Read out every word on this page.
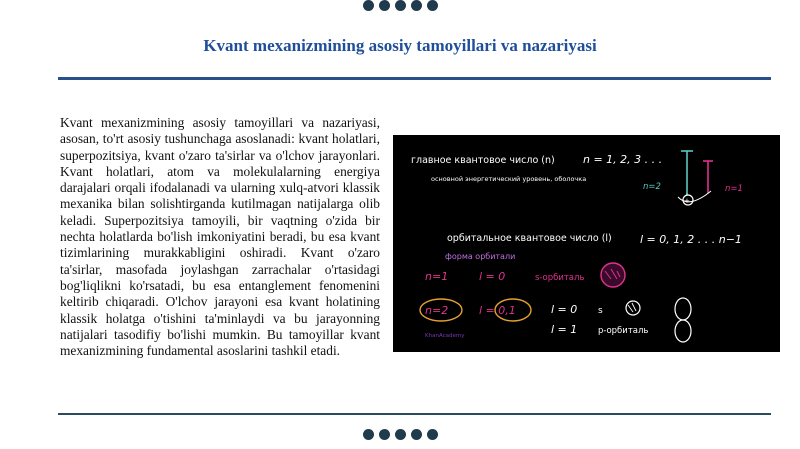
Kvant mexanizmining asosiy tamoyillari va nazariyasi

Kvant mexanizmining asosiy tamoyillari va nazariyasi, asosan, to'rt asosiy tushunchaga asoslanadi: kvant holatlari, superpozitsiya, kvant o'zaro ta'sirlar va o'lchov jarayonlari. Kvant holatlari, atom va molekulalarning energiya darajalari orqali ifodalanadi va ularning xulq-atvori klassik mexanika bilan solishtirganda kutilmagan natijalarga olib keladi. Superpozitsiya tamoyili, bir vaqtning o'zida bir nechta holatlarda bo'lish imkoniyatini beradi, bu esa kvant tizimlarining murakkabligini oshiradi. Kvant o'zaro ta'sirlar, masofada joylashgan zarrachalar o'rtasidagi bog'liqlikni ko'rsatadi, bu esa entanglement fenomenini keltirib chiqaradi. O'lchov jarayoni esa kvant holatining klassik holatga o'tishini ta'minlaydi va bu jarayonning natijalari tasodifiy bo'lishi mumkin. Bu tamoyillar kvant mexanizmining fundamental asoslarini tashkil etadi.

главное квантовое число (n)	n = 1, 2, 3 . . .
основной энергетический уровень, оболочка
+
n=2	n=1
орбитальное квантовое число (l)	l = 0, 1, 2 . . . n−1
форма орбитали
n=1	l = 0	s-орбиталь
n=2	l = 0,1	l = 0 s
l = 1 p-орбиталь
KhanAcademy
